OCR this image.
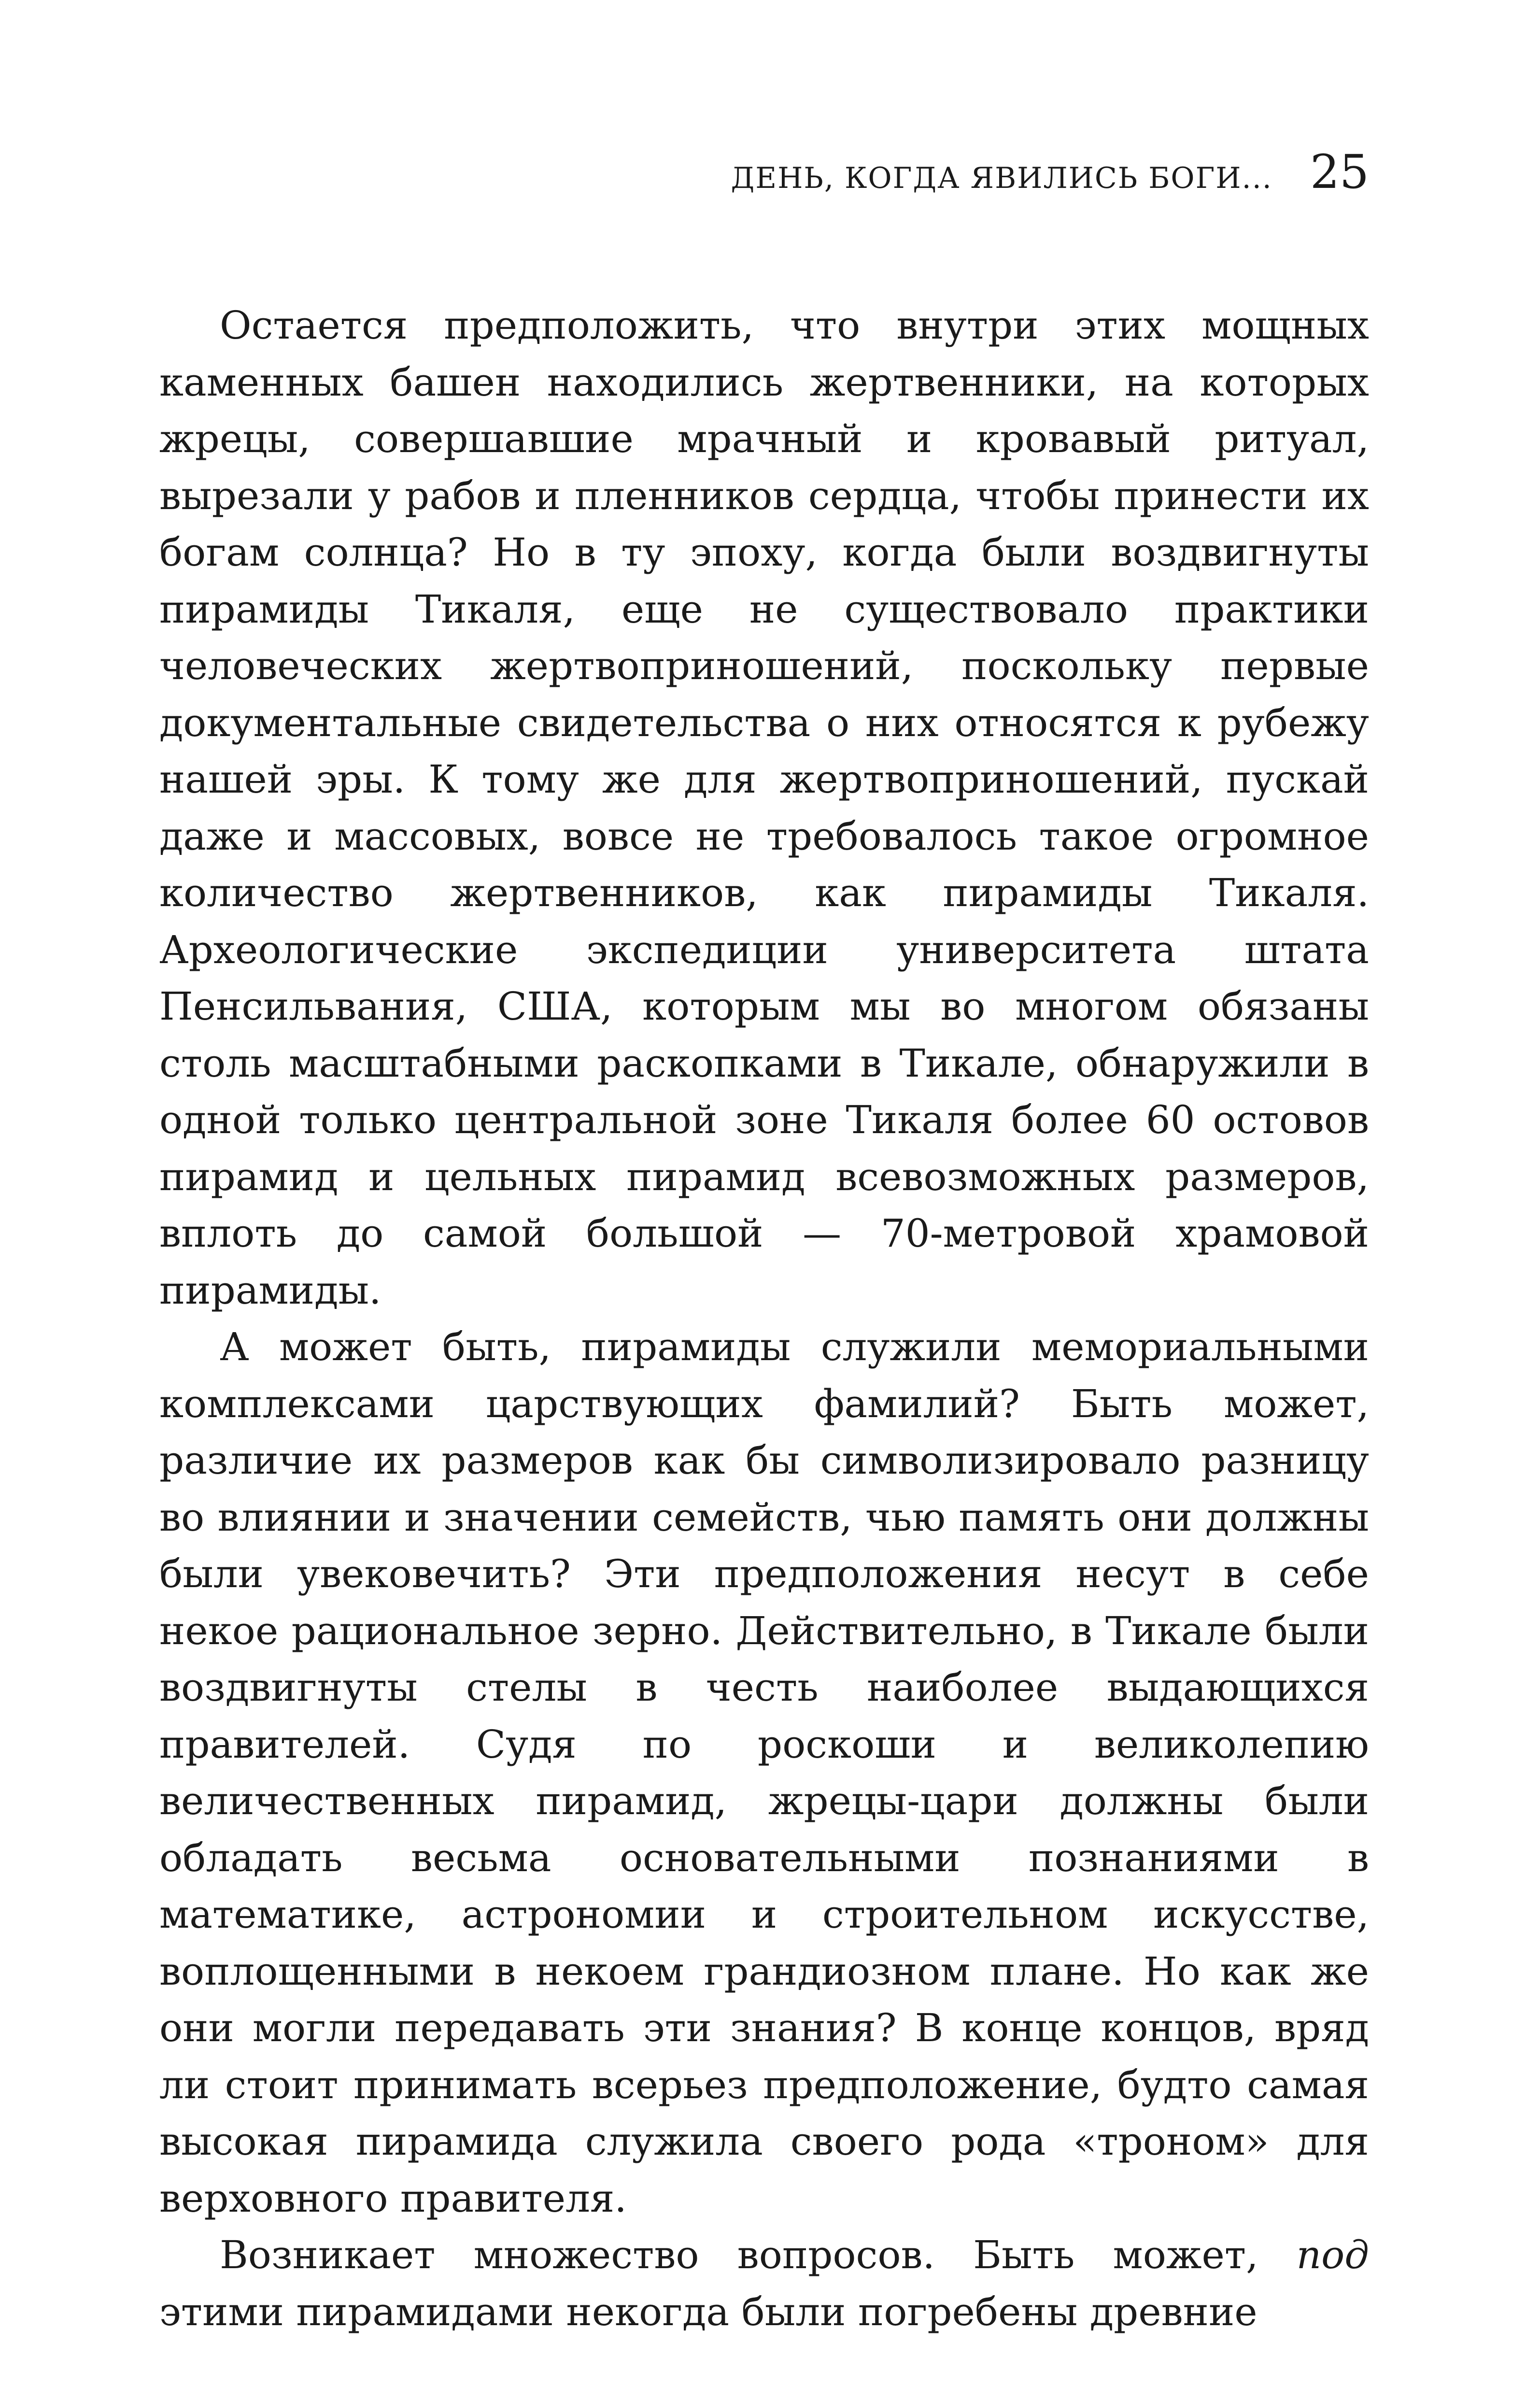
ДЕНЬ, КОГДА ЯВИЛИСЬ БОГИ... 25

Остается предположить, что внутри этих мощных каменных башен находились жертвенники, на которых жрецы, совершавшие мрачный и кровавый ритуал, вырезали у рабов и пленников сердца, чтобы принести их богам солнца? Но в ту эпоху, когда были воздвигнуты пирамиды Тикаля, еще не существовало практики человеческих жертвоприношений, поскольку первые документальные свидетельства о них относятся к рубежу нашей эры. К тому же для жертвоприношений, пускай даже и массовых, вовсе не требовалось такое огромное количество жертвенников, как пирамиды Тикаля. Археологические экспедиции университета штата Пенсильвания, США, которым мы во многом обязаны столь масштабными раскопками в Тикале, обнаружили в одной только центральной зоне Тикаля более 60 остовов пирамид и цельных пирамид всевозможных размеров, вплоть до самой большой — 70-метровой храмовой пирамиды.

А может быть, пирамиды служили мемориальными комплексами царствующих фамилий? Быть может, различие их размеров как бы символизировало разницу во влиянии и значении семейств, чью память они должны были увековечить? Эти предположения несут в себе некое рациональное зерно. Действительно, в Тикале были воздвигнуты стелы в честь наиболее выдающихся правителей. Судя по роскоши и великолепию величественных пирамид, жрецы-цари должны были обладать весьма основательными познаниями в математике, астрономии и строительном искусстве, воплощенными в некоем грандиозном плане. Но как же они могли передавать эти знания? В конце концов, вряд ли стоит принимать всерьез предположение, будто самая высокая пирамида служила своего рода «троном» для верховного правителя.

Возникает множество вопросов. Быть может, под этими пирамидами некогда были погребены древние
